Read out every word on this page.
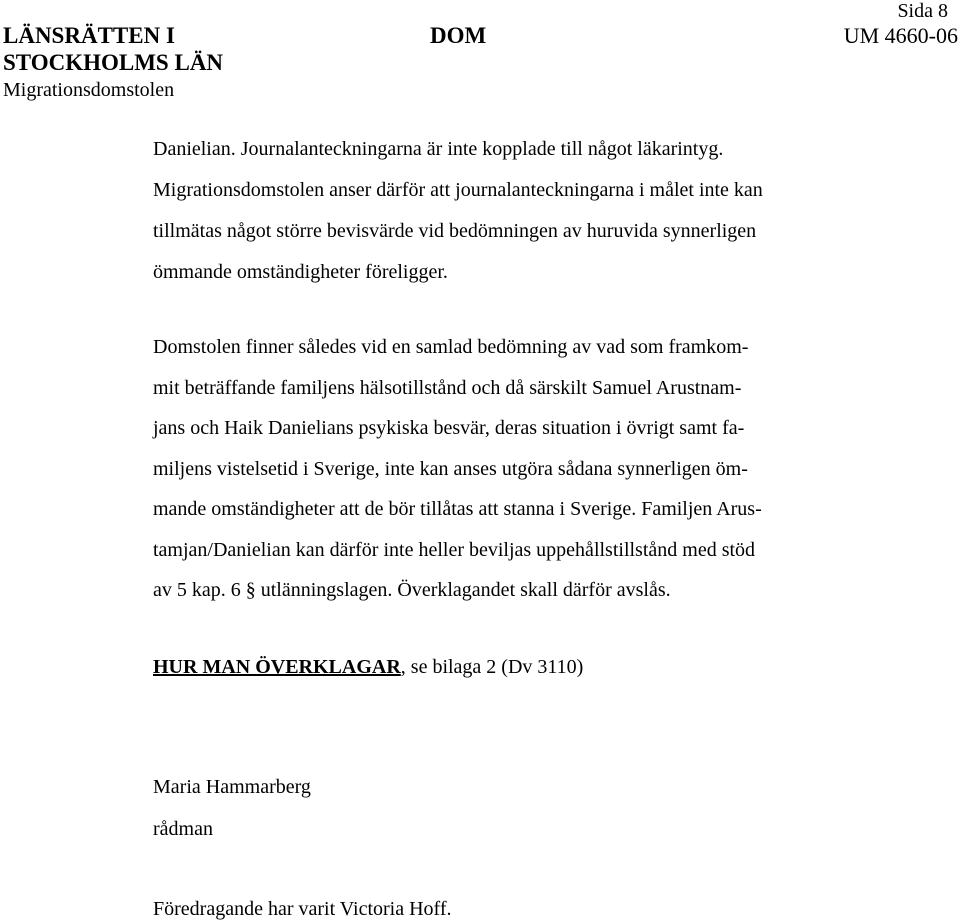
LÄNSRÄTTEN I
STOCKHOLMS LÄN
Migrationsdomstolen
DOM
Sida 8
UM 4660-06
Danielian. Journalanteckningarna är inte kopplade till något läkarintyg.
Migrationsdomstolen anser därför att journalanteckningarna i målet inte kan
tillmätas något större bevisvärde vid bedömningen av huruvida synnerligen
ömmande omständigheter föreligger.
Domstolen finner således vid en samlad bedömning av vad som framkom-
mit beträffande familjens hälsotillstånd och då särskilt Samuel Arustnam-
jans och Haik Danielians psykiska besvär, deras situation i övrigt samt fa-
miljens vistelsetid i Sverige, inte kan anses utgöra sådana synnerligen öm-
mande omständigheter att de bör tillåtas att stanna i Sverige. Familjen Arus-
tamjan/Danielian kan därför inte heller beviljas uppehållstillstånd med stöd
av 5 kap. 6 § utlänningslagen. Överklagandet skall därför avslås.
HUR MAN ÖVERKLAGAR, se bilaga 2 (Dv 3110)
Maria Hammarberg
rådman
Föredragande har varit Victoria Hoff.
